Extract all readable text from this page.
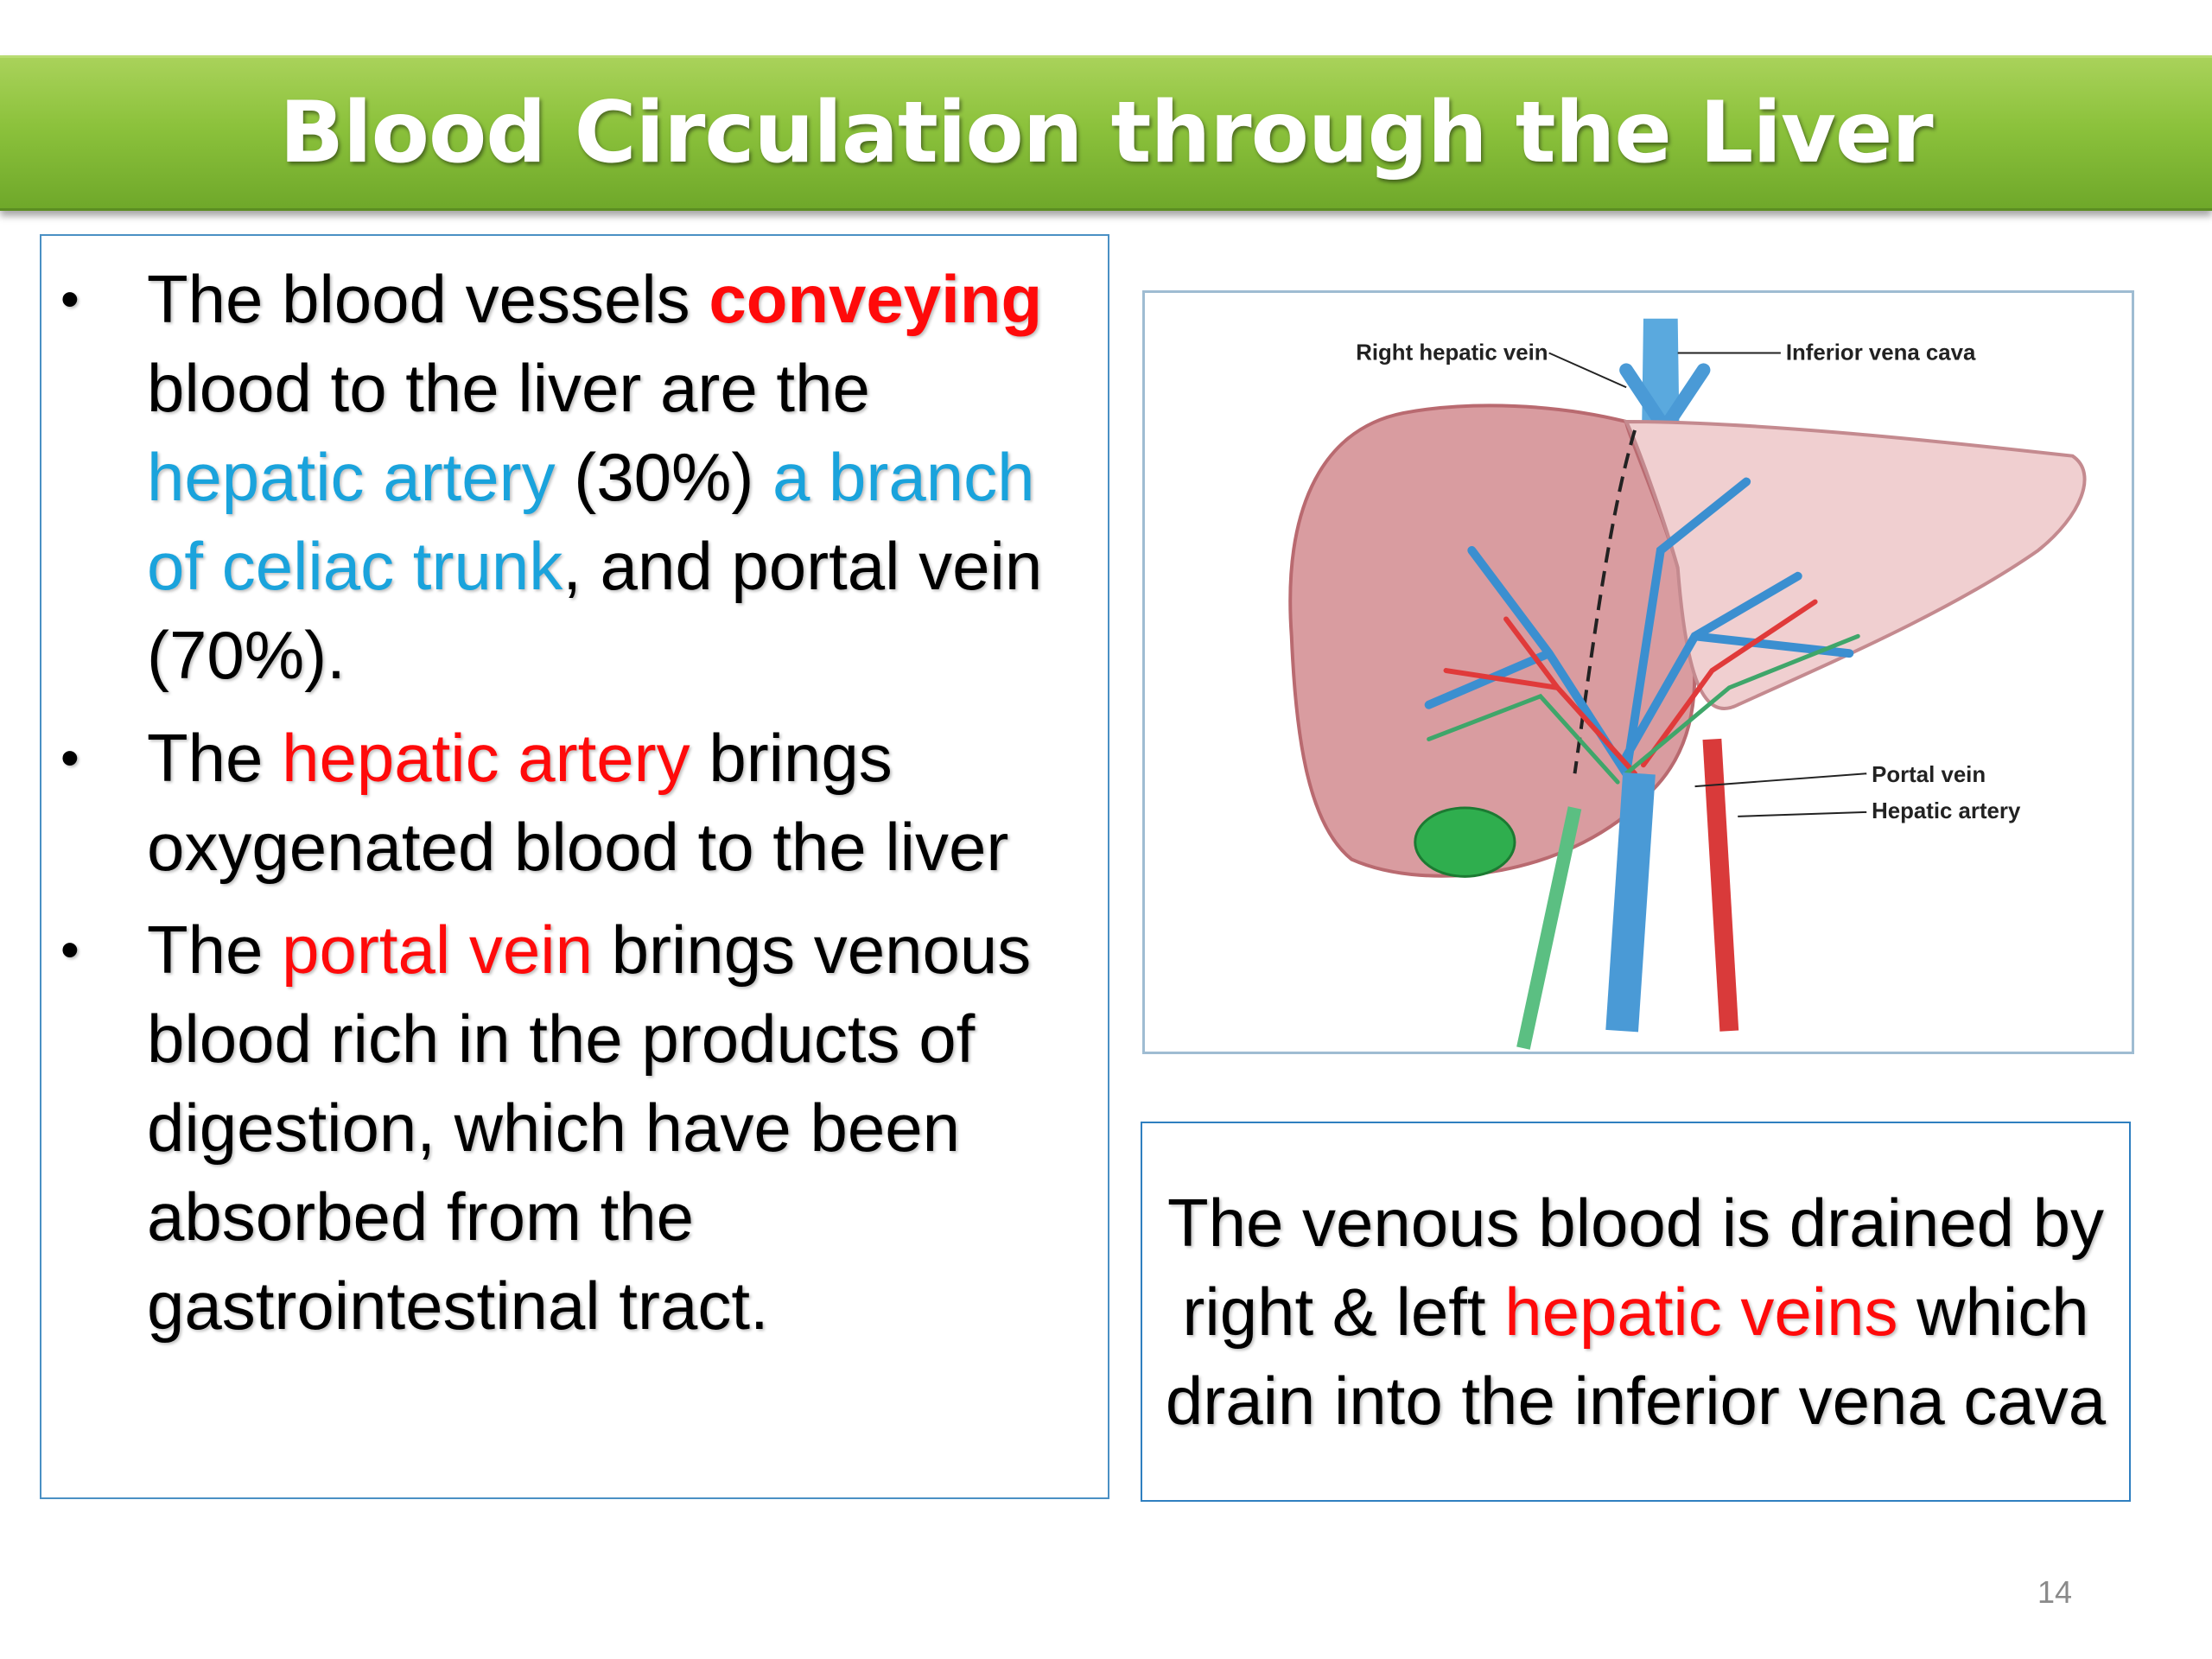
Blood Circulation through the Liver
• The blood vessels conveying blood to the liver are the hepatic artery (30%) a branch of celiac trunk, and portal vein (70%).
• The hepatic artery brings oxygenated blood to the liver
• The portal vein brings venous blood rich in the products of digestion, which have been absorbed from the gastrointestinal tract.
Right hepatic vein	Inferior vena cava
Portal vein
Hepatic artery

The venous blood is drained by right & left hepatic veins which drain into the inferior vena cava

14
